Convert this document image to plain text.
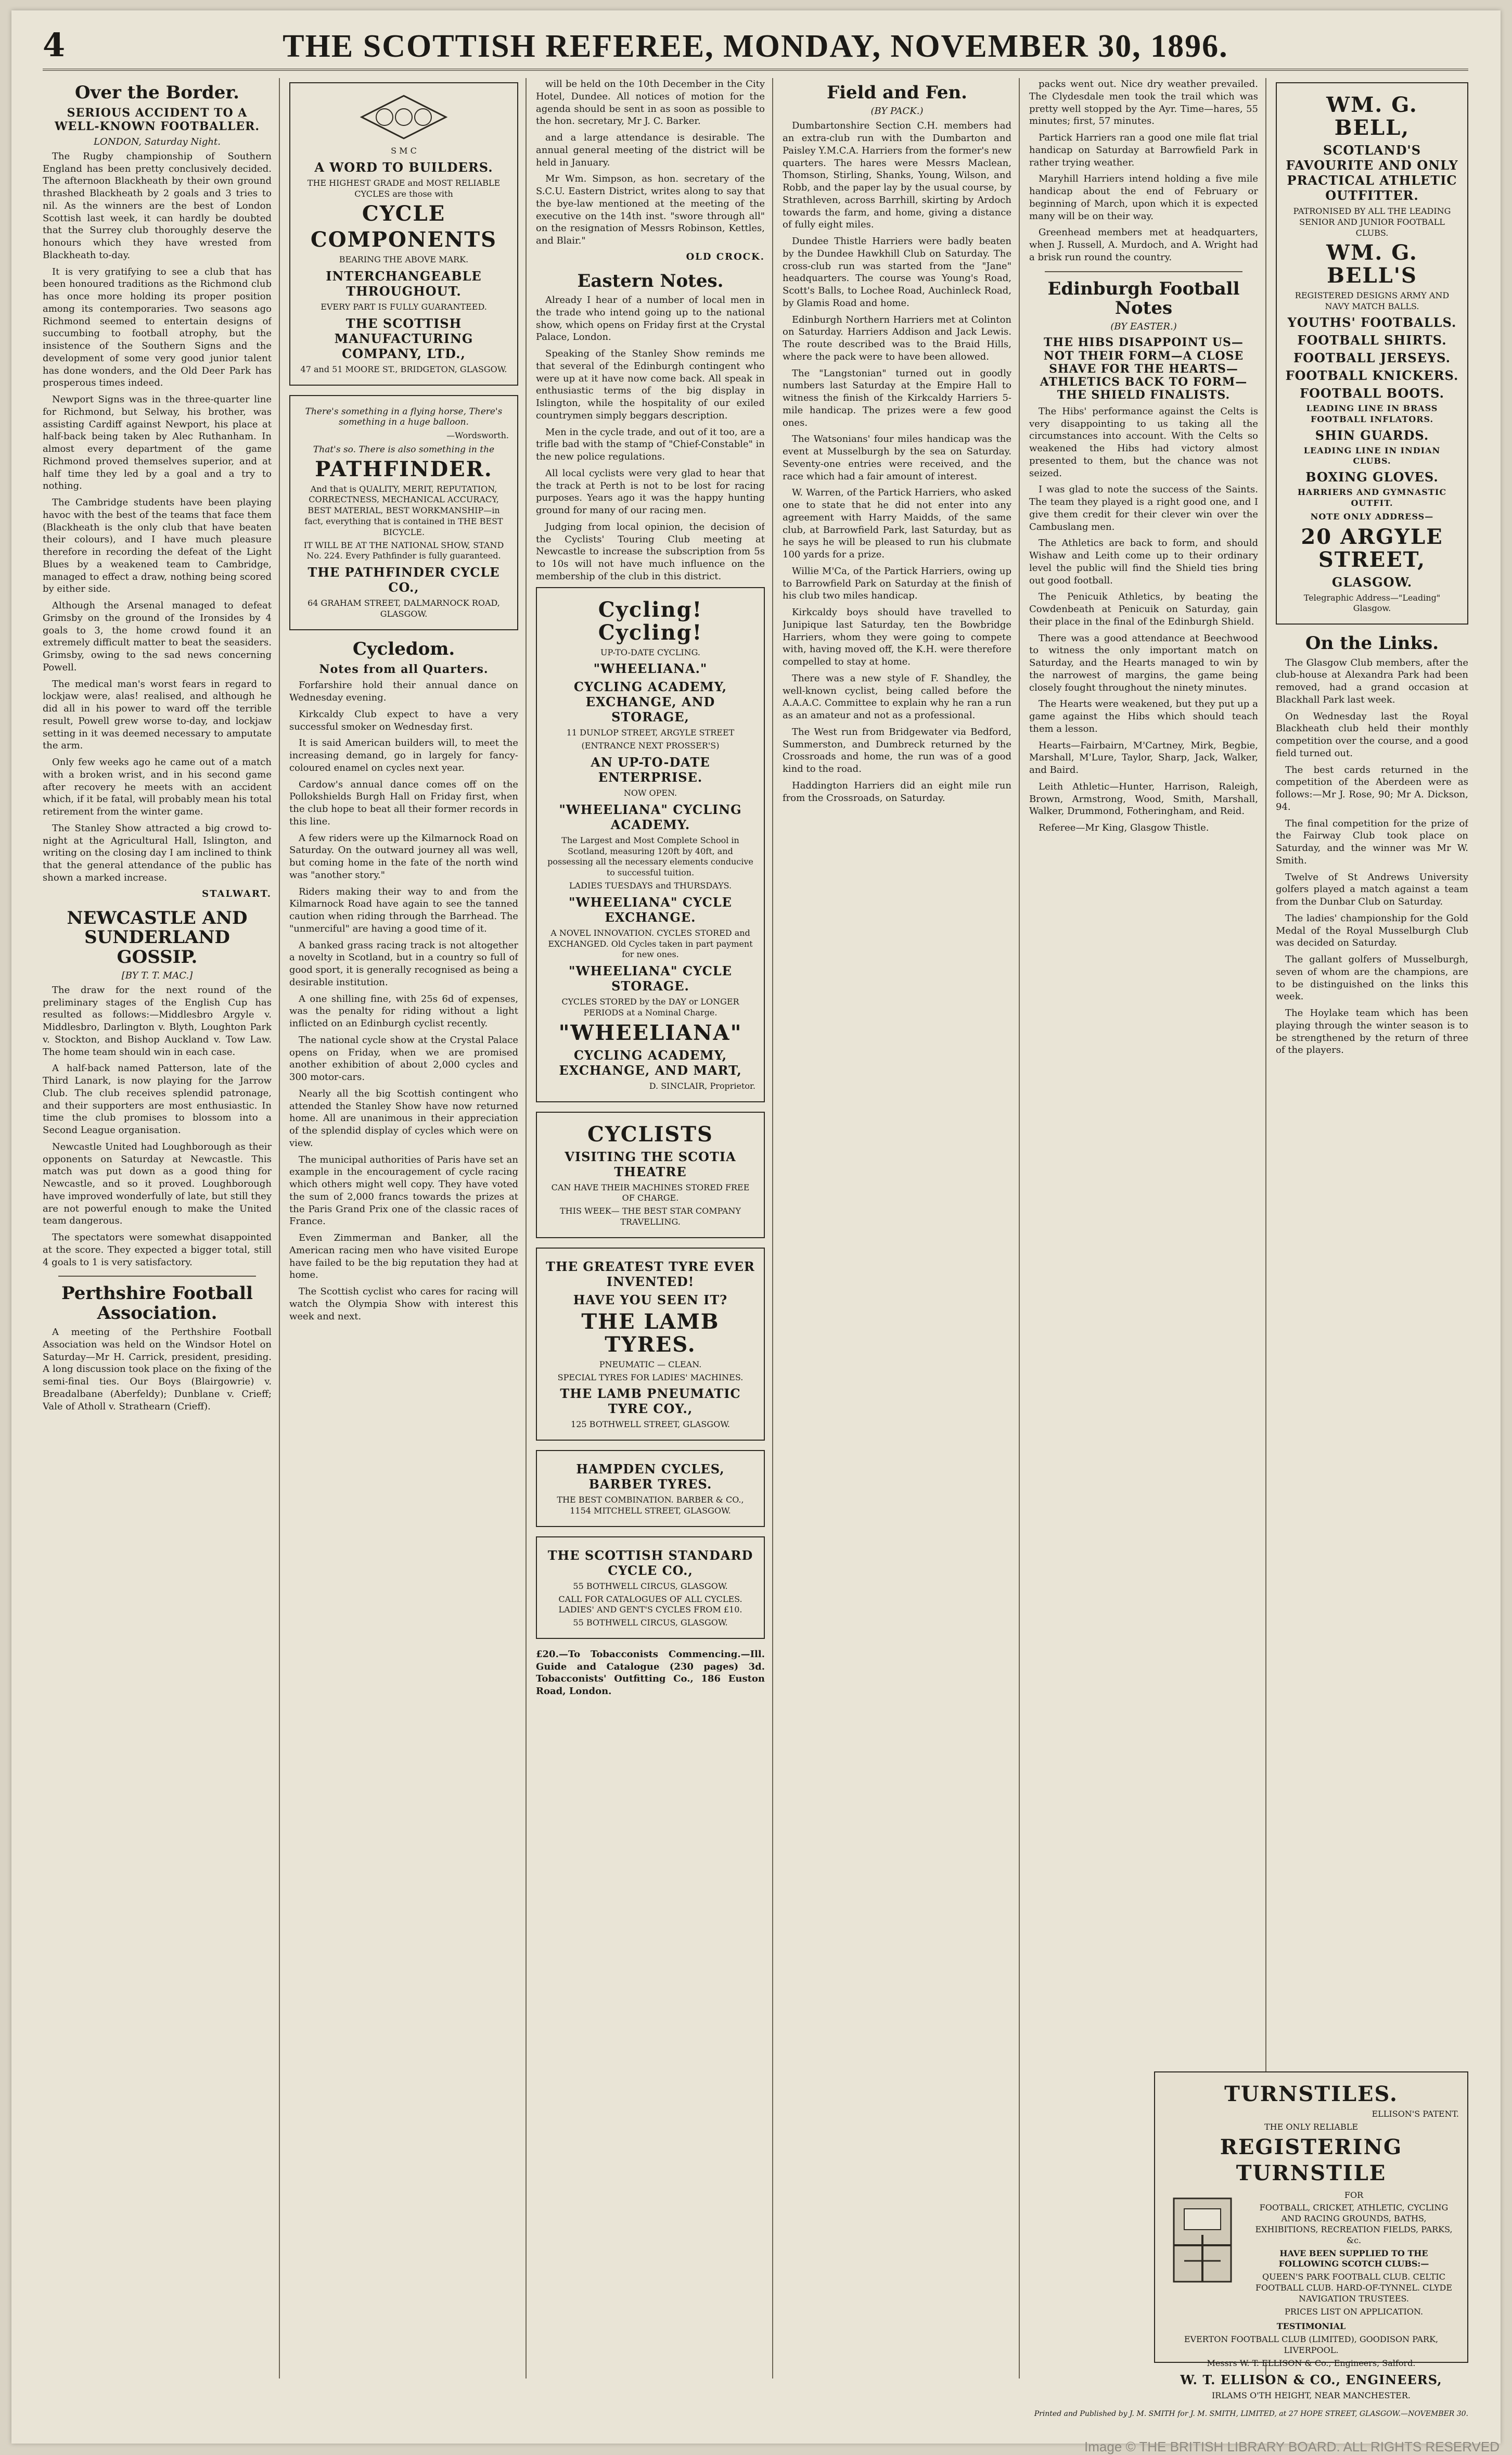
4	THE SCOTTISH REFEREE, MONDAY, NOVEMBER 30, 1896.
Over the Border.
SERIOUS ACCIDENT TO A WELL-KNOWN FOOTBALLER.
LONDON, Saturday Night.

The Rugby championship of Southern England has been pretty conclusively decided. The afternoon Blackheath by their own ground thrashed Blackheath by 2 goals and 3 tries to nil. As the winners are the best of London Scottish last week, it can hardly be doubted that the Surrey club thoroughly deserve the honours which they have wrested from Blackheath to-day.

It is very gratifying to see a club that has been honoured traditions as the Richmond club has once more holding its proper position among its contemporaries. Two seasons ago Richmond seemed to entertain designs of succumbing to football atrophy, but the insistence of the Southern Signs and the development of some very good junior talent has done wonders, and the Old Deer Park has prosperous times indeed.

Newport Signs was in the three-quarter line for Richmond, but Selway, his brother, was assisting Cardiff against Newport, his place at half-back being taken by Alec Ruthanham. In almost every department of the game Richmond proved themselves superior, and at half time they led by a goal and a try to nothing.

The Cambridge students have been playing havoc with the best of the teams that face them (Blackheath is the only club that have beaten their colours), and I have much pleasure therefore in recording the defeat of the Light Blues by a weakened team to Cambridge, managed to effect a draw, nothing being scored by either side.

Although the Arsenal managed to defeat Grimsby on the ground of the Ironsides by 4 goals to 3, the home crowd found it an extremely difficult matter to beat the seasiders. Grimsby, owing to the sad news concerning Powell.

The medical man's worst fears in regard to lockjaw were, alas! realised, and although he did all in his power to ward off the terrible result, Powell grew worse to-day, and lockjaw setting in it was deemed necessary to amputate the arm.

Only few weeks ago he came out of a match with a broken wrist, and in his second game after recovery he meets with an accident which, if it be fatal, will probably mean his total retirement from the winter game.

The Stanley Show attracted a big crowd to-night at the Agricultural Hall, Islington, and writing on the closing day I am inclined to think that the general attendance of the public has shown a marked increase.

STALWART.
NEWCASTLE AND SUNDERLAND GOSSIP.
[BY T. T. MAC.]

The draw for the next round of the preliminary stages of the English Cup has resulted as follows:—Middlesbro Argyle v. Middlesbro, Darlington v. Blyth, Loughton Park v. Stockton, and Bishop Auckland v. Tow Law. The home team should win in each case.

A half-back named Patterson, late of the Third Lanark, is now playing for the Jarrow Club. The club receives splendid patronage, and their supporters are most enthusiastic. In time the club promises to blossom into a Second League organisation.

Newcastle United had Loughborough as their opponents on Saturday at Newcastle. This match was put down as a good thing for Newcastle, and so it proved. Loughborough have improved wonderfully of late, but still they are not powerful enough to make the United team dangerous.

The spectators were somewhat disappointed at the score. They expected a bigger total, still 4 goals to 1 is very satisfactory.

Perthshire Football Association.

A meeting of the Perthshire Football Association was held on the Windsor Hotel on Saturday—Mr H. Carrick, president, presiding. A long discussion took place on the fixing of the semi-final ties. Our Boys (Blairgowrie) v. Breadalbane (Aberfeldy); Dunblane v. Crieff; Vale of Atholl v. Strathearn (Crieff).

S M C
A WORD TO BUILDERS.
THE HIGHEST GRADE and MOST RELIABLE CYCLES are those with
CYCLE
COMPONENTS
BEARING THE ABOVE MARK.
INTERCHANGEABLE THROUGHOUT.
EVERY PART IS FULLY GUARANTEED.
THE SCOTTISH MANUFACTURING COMPANY, LTD.,
47 and 51 MOORE ST., BRIDGETON, GLASGOW.
There's something in a flying horse, There's something in a huge balloon.
—Wordsworth.
That's so. There is also something in the
PATHFINDER.
And that is QUALITY, MERIT, REPUTATION, CORRECTNESS, MECHANICAL ACCURACY, BEST MATERIAL, BEST WORKMANSHIP—in fact, everything that is contained in THE BEST BICYCLE.
IT WILL BE AT THE NATIONAL SHOW, STAND No. 224. Every Pathfinder is fully guaranteed.
THE PATHFINDER CYCLE CO.,
64 GRAHAM STREET, DALMARNOCK ROAD, GLASGOW.
Cycledom.
Notes from all Quarters.

Forfarshire hold their annual dance on Wednesday evening.

Kirkcaldy Club expect to have a very successful smoker on Wednesday first.

It is said American builders will, to meet the increasing demand, go in largely for fancy-coloured enamel on cycles next year.

Cardow's annual dance comes off on the Pollokshields Burgh Hall on Friday first, when the club hope to beat all their former records in this line.

A few riders were up the Kilmarnock Road on Saturday. On the outward journey all was well, but coming home in the fate of the north wind was "another story."

Riders making their way to and from the Kilmarnock Road have again to see the tanned caution when riding through the Barrhead. The "unmerciful" are having a good time of it.

A banked grass racing track is not altogether a novelty in Scotland, but in a country so full of good sport, it is generally recognised as being a desirable institution.

A one shilling fine, with 25s 6d of expenses, was the penalty for riding without a light inflicted on an Edinburgh cyclist recently.

The national cycle show at the Crystal Palace opens on Friday, when we are promised another exhibition of about 2,000 cycles and 300 motor-cars.

Nearly all the big Scottish contingent who attended the Stanley Show have now returned home. All are unanimous in their appreciation of the splendid display of cycles which were on view.

The municipal authorities of Paris have set an example in the encouragement of cycle racing which others might well copy. They have voted the sum of 2,000 francs towards the prizes at the Paris Grand Prix one of the classic races of France.

Even Zimmerman and Banker, all the American racing men who have visited Europe have failed to be the big reputation they had at home.

The Scottish cyclist who cares for racing will watch the Olympia Show with interest this week and next.

will be held on the 10th December in the City Hotel, Dundee. All notices of motion for the agenda should be sent in as soon as possible to the hon. secretary, Mr J. C. Barker.

and a large attendance is desirable. The annual general meeting of the district will be held in January.

Mr Wm. Simpson, as hon. secretary of the S.C.U. Eastern District, writes along to say that the bye-law mentioned at the meeting of the executive on the 14th inst. "swore through all" on the resignation of Messrs Robinson, Kettles, and Blair."

OLD CROCK.
Eastern Notes.

Already I hear of a number of local men in the trade who intend going up to the national show, which opens on Friday first at the Crystal Palace, London.

Speaking of the Stanley Show reminds me that several of the Edinburgh contingent who were up at it have now come back. All speak in enthusiastic terms of the big display in Islington, while the hospitality of our exiled countrymen simply beggars description.

Men in the cycle trade, and out of it too, are a trifle bad with the stamp of "Chief-Constable" in the new police regulations.

All local cyclists were very glad to hear that the track at Perth is not to be lost for racing purposes. Years ago it was the happy hunting ground for many of our racing men.

Judging from local opinion, the decision of the Cyclists' Touring Club meeting at Newcastle to increase the subscription from 5s to 10s will not have much influence on the membership of the club in this district.

Cycling! Cycling!
UP-TO-DATE CYCLING.
"WHEELIANA."
CYCLING ACADEMY, EXCHANGE, AND STORAGE,
11 DUNLOP STREET, ARGYLE STREET
(ENTRANCE NEXT PROSSER'S)
AN UP-TO-DATE ENTERPRISE.
NOW OPEN.
"WHEELIANA" CYCLING ACADEMY.
The Largest and Most Complete School in Scotland, measuring 120ft by 40ft, and possessing all the necessary elements conducive to successful tuition.
LADIES TUESDAYS and THURSDAYS.
"WHEELIANA" CYCLE EXCHANGE.
A NOVEL INNOVATION. CYCLES STORED and EXCHANGED. Old Cycles taken in part payment for new ones.
"WHEELIANA" CYCLE STORAGE.
CYCLES STORED by the DAY or LONGER PERIODS at a Nominal Charge.
"WHEELIANA"
CYCLING ACADEMY, EXCHANGE, AND MART,
D. SINCLAIR, Proprietor.
CYCLISTS
VISITING THE SCOTIA THEATRE
CAN HAVE THEIR MACHINES STORED FREE OF CHARGE.
THIS WEEK— THE BEST STAR COMPANY TRAVELLING.
THE GREATEST TYRE EVER INVENTED!
HAVE YOU SEEN IT?
THE LAMB TYRES.
PNEUMATIC — CLEAN.
SPECIAL TYRES FOR LADIES' MACHINES.
THE LAMB PNEUMATIC TYRE COY.,
125 BOTHWELL STREET, GLASGOW.
HAMPDEN CYCLES, BARBER TYRES.
THE BEST COMBINATION. BARBER & CO., 1154 MITCHELL STREET, GLASGOW.
THE SCOTTISH STANDARD CYCLE CO.,
55 BOTHWELL CIRCUS, GLASGOW.
CALL FOR CATALOGUES OF ALL CYCLES. LADIES' AND GENT'S CYCLES FROM £10.
55 BOTHWELL CIRCUS, GLASGOW.

£20.—To Tobacconists Commencing.—Ill. Guide and Catalogue (230 pages) 3d. Tobacconists' Outfitting Co., 186 Euston Road, London.

Field and Fen.
(BY PACK.)

Dumbartonshire Section C.H. members had an extra-club run with the Dumbarton and Paisley Y.M.C.A. Harriers from the former's new quarters. The hares were Messrs Maclean, Thomson, Stirling, Shanks, Young, Wilson, and Robb, and the paper lay by the usual course, by Strathleven, across Barrhill, skirting by Ardoch towards the farm, and home, giving a distance of fully eight miles.

Dundee Thistle Harriers were badly beaten by the Dundee Hawkhill Club on Saturday. The cross-club run was started from the "Jane" headquarters. The course was Young's Road, Scott's Balls, to Lochee Road, Auchinleck Road, by Glamis Road and home.

Edinburgh Northern Harriers met at Colinton on Saturday. Harriers Addison and Jack Lewis. The route described was to the Braid Hills, where the pack were to have been allowed.

The "Langstonian" turned out in goodly numbers last Saturday at the Empire Hall to witness the finish of the Kirkcaldy Harriers 5-mile handicap. The prizes were a few good ones.

The Watsonians' four miles handicap was the event at Musselburgh by the sea on Saturday. Seventy-one entries were received, and the race which had a fair amount of interest.

W. Warren, of the Partick Harriers, who asked one to state that he did not enter into any agreement with Harry Maidds, of the same club, at Barrowfield Park, last Saturday, but as he says he will be pleased to run his clubmate 100 yards for a prize.

Willie M'Ca, of the Partick Harriers, owing up to Barrowfield Park on Saturday at the finish of his club two miles handicap.

Kirkcaldy boys should have travelled to Junipique last Saturday, ten the Bowbridge Harriers, whom they were going to compete with, having moved off, the K.H. were therefore compelled to stay at home.

There was a new style of F. Shandley, the well-known cyclist, being called before the A.A.A.C. Committee to explain why he ran a run as an amateur and not as a professional.

The West run from Bridgewater via Bedford, Summerston, and Dumbreck returned by the Crossroads and home, the run was of a good kind to the road.

Haddington Harriers did an eight mile run from the Crossroads, on Saturday.

packs went out. Nice dry weather prevailed. The Clydesdale men took the trail which was pretty well stopped by the Ayr. Time—hares, 55 minutes; first, 57 minutes.

Partick Harriers ran a good one mile flat trial handicap on Saturday at Barrowfield Park in rather trying weather.

Maryhill Harriers intend holding a five mile handicap about the end of February or beginning of March, upon which it is expected many will be on their way.

Greenhead members met at headquarters, when J. Russell, A. Murdoch, and A. Wright had a brisk run round the country.

Edinburgh Football Notes
(BY EASTER.)
THE HIBS DISAPPOINT US—NOT THEIR FORM—A CLOSE SHAVE FOR THE HEARTS—ATHLETICS BACK TO FORM—THE SHIELD FINALISTS.

The Hibs' performance against the Celts is very disappointing to us taking all the circumstances into account. With the Celts so weakened the Hibs had victory almost presented to them, but the chance was not seized.

I was glad to note the success of the Saints. The team they played is a right good one, and I give them credit for their clever win over the Cambuslang men.

The Athletics are back to form, and should Wishaw and Leith come up to their ordinary level the public will find the Shield ties bring out good football.

The Penicuik Athletics, by beating the Cowdenbeath at Penicuik on Saturday, gain their place in the final of the Edinburgh Shield.

There was a good attendance at Beechwood to witness the only important match on Saturday, and the Hearts managed to win by the narrowest of margins, the game being closely fought throughout the ninety minutes.

The Hearts were weakened, but they put up a game against the Hibs which should teach them a lesson.

Hearts—Fairbairn, M'Cartney, Mirk, Begbie, Marshall, M'Lure, Taylor, Sharp, Jack, Walker, and Baird.

Leith Athletic—Hunter, Harrison, Raleigh, Brown, Armstrong, Wood, Smith, Marshall, Walker, Drummond, Fotheringham, and Reid.

Referee—Mr King, Glasgow Thistle.

WM. G. BELL,
SCOTLAND'S FAVOURITE AND ONLY PRACTICAL ATHLETIC OUTFITTER.
PATRONISED BY ALL THE LEADING SENIOR AND JUNIOR FOOTBALL CLUBS.
WM. G. BELL'S
REGISTERED DESIGNS ARMY AND NAVY MATCH BALLS.
YOUTHS' FOOTBALLS.
FOOTBALL SHIRTS.
FOOTBALL JERSEYS.
FOOTBALL KNICKERS.
FOOTBALL BOOTS.
LEADING LINE IN BRASS FOOTBALL INFLATORS.
SHIN GUARDS.
LEADING LINE IN INDIAN CLUBS.
BOXING GLOVES.
HARRIERS AND GYMNASTIC OUTFIT.
NOTE ONLY ADDRESS—
20 ARGYLE STREET,
GLASGOW.
Telegraphic Address—"Leading" Glasgow.
On the Links.

The Glasgow Club members, after the club-house at Alexandra Park had been removed, had a grand occasion at Blackhall Park last week.

On Wednesday last the Royal Blackheath club held their monthly competition over the course, and a good field turned out.

The best cards returned in the competition of the Aberdeen were as follows:—Mr J. Rose, 90; Mr A. Dickson, 94.

The final competition for the prize of the Fairway Club took place on Saturday, and the winner was Mr W. Smith.

Twelve of St Andrews University golfers played a match against a team from the Dunbar Club on Saturday.

The ladies' championship for the Gold Medal of the Royal Musselburgh Club was decided on Saturday.

The gallant golfers of Musselburgh, seven of whom are the champions, are to be distinguished on the links this week.

The Hoylake team which has been playing through the winter season is to be strengthened by the return of three of the players.

TURNSTILES.
ELLISON'S PATENT.
THE ONLY RELIABLE
REGISTERING
TURNSTILE
FOR
FOOTBALL, CRICKET, ATHLETIC, CYCLING AND RACING GROUNDS, BATHS, EXHIBITIONS, RECREATION FIELDS, PARKS, &c.
HAVE BEEN SUPPLIED TO THE FOLLOWING SCOTCH CLUBS:—
QUEEN'S PARK FOOTBALL CLUB. CELTIC FOOTBALL CLUB. HARD-OF-TYNNEL. CLYDE NAVIGATION TRUSTEES.
PRICES LIST ON APPLICATION.
TESTIMONIAL
EVERTON FOOTBALL CLUB (LIMITED), GOODISON PARK, LIVERPOOL.
Messrs W. T. ELLISON & Co., Engineers, Salford.
W. T. ELLISON & CO., ENGINEERS,
IRLAMS O'TH HEIGHT, NEAR MANCHESTER.
Printed and Published by J. M. SMITH for J. M. SMITH, LIMITED, at 27 HOPE STREET, GLASGOW.—NOVEMBER 30.
Image © THE BRITISH LIBRARY BOARD. ALL RIGHTS RESERVED
